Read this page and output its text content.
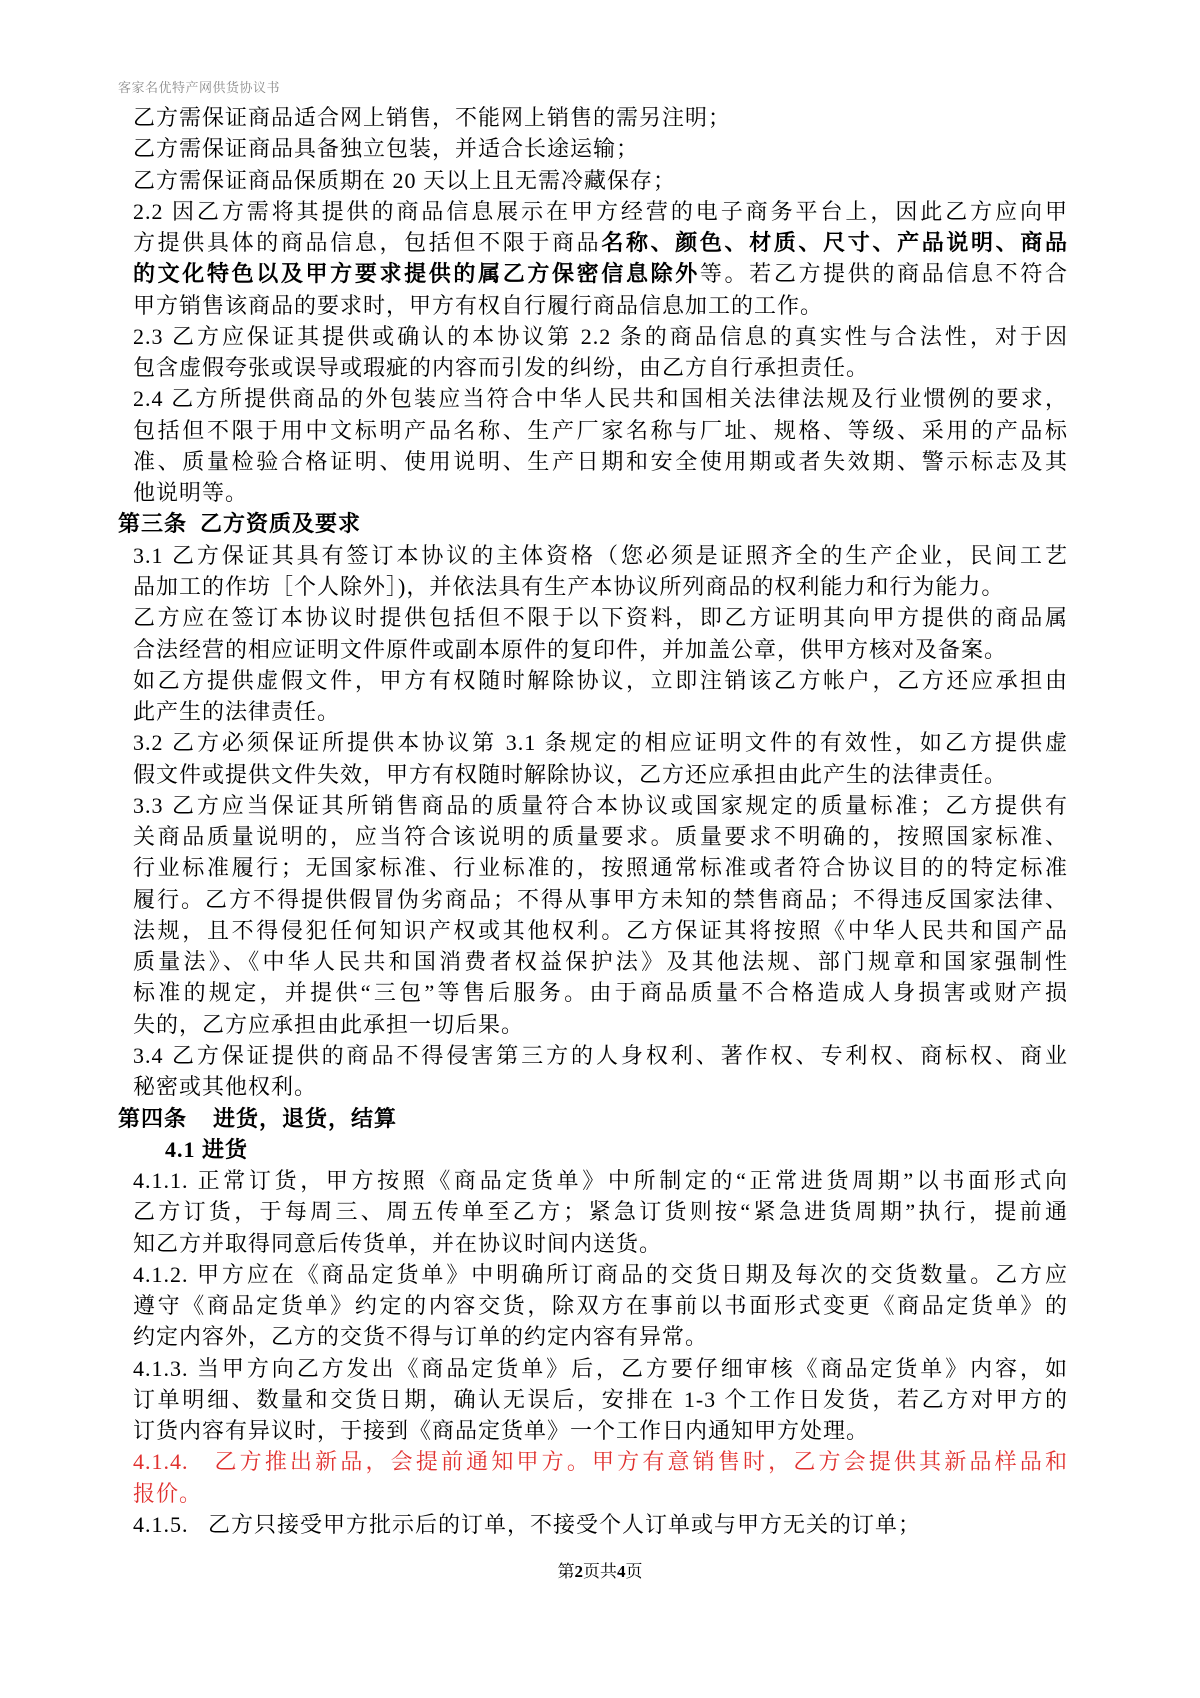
客家名优特产网供货协议书
乙方需保证商品适合网上销售，不能网上销售的需另注明；
乙方需保证商品具备独立包装，并适合长途运输；
乙方需保证商品保质期在 20 天以上且无需冷藏保存；
2.2 因乙方需将其提供的商品信息展示在甲方经营的电子商务平台上，因此乙方应向甲
方提供具体的商品信息，包括但不限于商品名称、颜色、材质、尺寸、产品说明、商品
的文化特色以及甲方要求提供的属乙方保密信息除外等。若乙方提供的商品信息不符合
甲方销售该商品的要求时，甲方有权自行履行商品信息加工的工作。
2.3 乙方应保证其提供或确认的本协议第 2.2 条的商品信息的真实性与合法性，对于因
包含虚假夸张或误导或瑕疵的内容而引发的纠纷，由乙方自行承担责任。
2.4 乙方所提供商品的外包装应当符合中华人民共和国相关法律法规及行业惯例的要求，
包括但不限于用中文标明产品名称、生产厂家名称与厂址、规格、等级、采用的产品标
准、质量检验合格证明、使用说明、生产日期和安全使用期或者失效期、警示标志及其
他说明等。
第三条  乙方资质及要求
3.1 乙方保证其具有签订本协议的主体资格（您必须是证照齐全的生产企业，民间工艺
品加工的作坊［个人除外］)，并依法具有生产本协议所列商品的权利能力和行为能力。
乙方应在签订本协议时提供包括但不限于以下资料，即乙方证明其向甲方提供的商品属
合法经营的相应证明文件原件或副本原件的复印件，并加盖公章，供甲方核对及备案。
如乙方提供虚假文件，甲方有权随时解除协议，立即注销该乙方帐户，乙方还应承担由
此产生的法律责任。
3.2 乙方必须保证所提供本协议第 3.1 条规定的相应证明文件的有效性，如乙方提供虚
假文件或提供文件失效，甲方有权随时解除协议，乙方还应承担由此产生的法律责任。
3.3 乙方应当保证其所销售商品的质量符合本协议或国家规定的质量标准；乙方提供有
关商品质量说明的，应当符合该说明的质量要求。质量要求不明确的，按照国家标准、
行业标准履行；无国家标准、行业标准的，按照通常标准或者符合协议目的的特定标准
履行。乙方不得提供假冒伪劣商品；不得从事甲方未知的禁售商品；不得违反国家法律、
法规，且不得侵犯任何知识产权或其他权利。乙方保证其将按照《中华人民共和国产品
质量法》、《中华人民共和国消费者权益保护法》及其他法规、部门规章和国家强制性
标准的规定，并提供“三包”等售后服务。由于商品质量不合格造成人身损害或财产损
失的，乙方应承担由此承担一切后果。
3.4 乙方保证提供的商品不得侵害第三方的人身权利、著作权、专利权、商标权、商业
秘密或其他权利。
第四条    进货，退货，结算
4.1 进货
4.1.1. 正常订货，甲方按照《商品定货单》中所制定的“正常进货周期”以书面形式向
乙方订货，于每周三、周五传单至乙方；紧急订货则按“紧急进货周期”执行，提前通
知乙方并取得同意后传货单，并在协议时间内送货。
4.1.2. 甲方应在《商品定货单》中明确所订商品的交货日期及每次的交货数量。乙方应
遵守《商品定货单》约定的内容交货，除双方在事前以书面形式变更《商品定货单》的
约定内容外，乙方的交货不得与订单的约定内容有异常。
4.1.3. 当甲方向乙方发出《商品定货单》后，乙方要仔细审核《商品定货单》内容，如
订单明细、数量和交货日期，确认无误后，安排在 1-3 个工作日发货，若乙方对甲方的
订货内容有异议时，于接到《商品定货单》一个工作日内通知甲方处理。
4.1.4.   乙方推出新品，会提前通知甲方。甲方有意销售时，乙方会提供其新品样品和
报价。
4.1.5.   乙方只接受甲方批示后的订单，不接受个人订单或与甲方无关的订单；
第2页共4页
